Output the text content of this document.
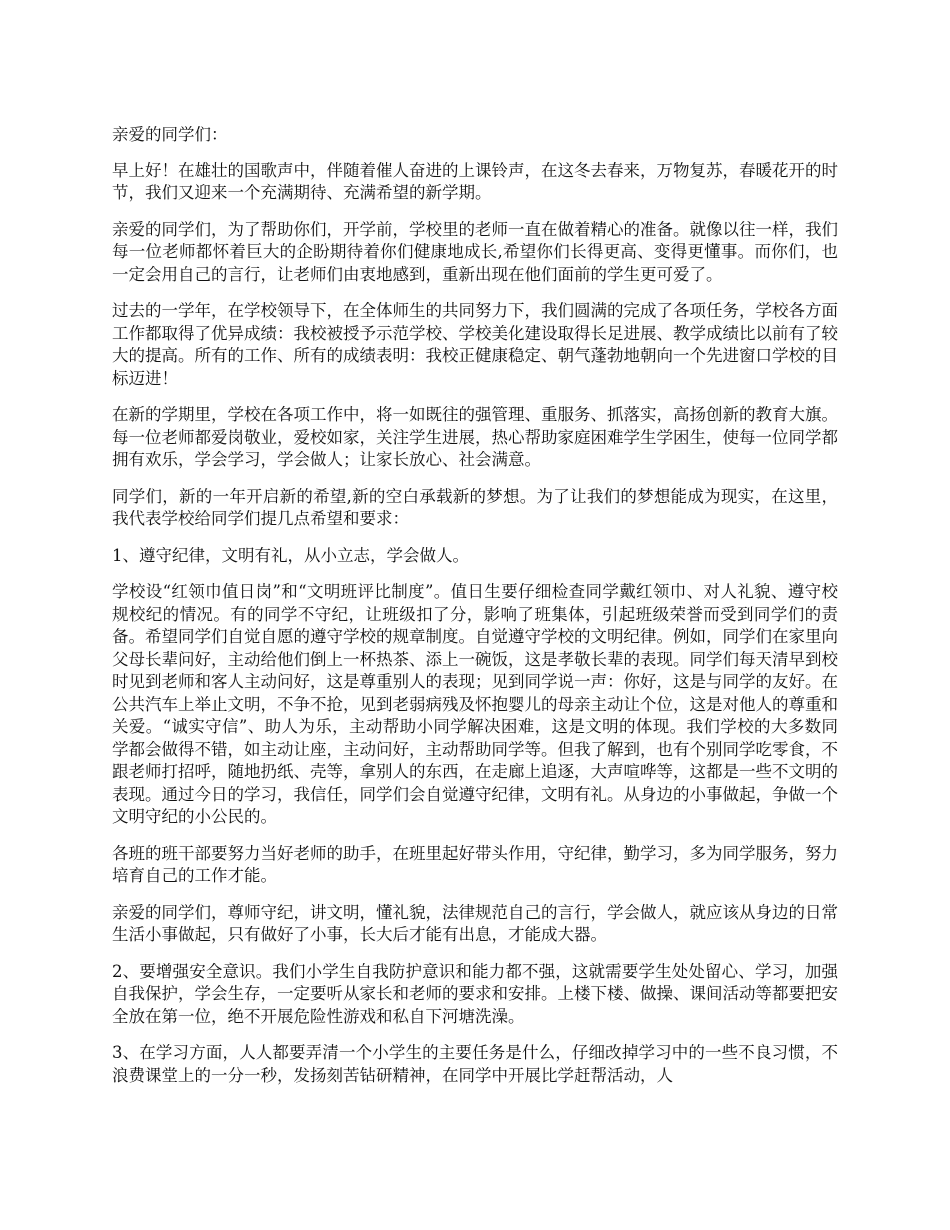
亲爱的同学们：

早上好！在雄壮的国歌声中，伴随着催人奋进的上课铃声，在这冬去春来，万物复苏，春暖花开的时节，我们又迎来一个充满期待、充满希望的新学期。

亲爱的同学们，为了帮助你们，开学前，学校里的老师一直在做着精心的准备。就像以往一样，我们每一位老师都怀着巨大的企盼期待着你们健康地成长,希望你们长得更高、变得更懂事。而你们，也一定会用自己的言行，让老师们由衷地感到，重新出现在他们面前的学生更可爱了。

过去的一学年，在学校领导下，在全体师生的共同努力下，我们圆满的完成了各项任务，学校各方面工作都取得了优异成绩：我校被授予示范学校、学校美化建设取得长足进展、教学成绩比以前有了较大的提高。所有的工作、所有的成绩表明：我校正健康稳定、朝气蓬勃地朝向一个先进窗口学校的目标迈进！

在新的学期里，学校在各项工作中，将一如既往的强管理、重服务、抓落实，高扬创新的教育大旗。每一位老师都爱岗敬业，爱校如家，关注学生进展，热心帮助家庭困难学生学困生，使每一位同学都拥有欢乐，学会学习，学会做人；让家长放心、社会满意。

同学们，新的一年开启新的希望,新的空白承载新的梦想。为了让我们的梦想能成为现实，在这里，我代表学校给同学们提几点希望和要求：

1、遵守纪律，文明有礼，从小立志，学会做人。

学校设“红领巾值日岗”和“文明班评比制度”。值日生要仔细检查同学戴红领巾、对人礼貌、遵守校规校纪的情况。有的同学不守纪，让班级扣了分，影响了班集体，引起班级荣誉而受到同学们的责备。希望同学们自觉自愿的遵守学校的规章制度。自觉遵守学校的文明纪律。例如，同学们在家里向父母长辈问好，主动给他们倒上一杯热茶、添上一碗饭，这是孝敬长辈的表现。同学们每天清早到校时见到老师和客人主动问好，这是尊重别人的表现；见到同学说一声：你好，这是与同学的友好。在公共汽车上举止文明，不争不抢，见到老弱病残及怀抱婴儿的母亲主动让个位，这是对他人的尊重和关爱。“诚实守信”、助人为乐，主动帮助小同学解决困难，这是文明的体现。我们学校的大多数同学都会做得不错，如主动让座，主动问好，主动帮助同学等。但我了解到，也有个别同学吃零食，不跟老师打招呼，随地扔纸、壳等，拿别人的东西，在走廊上追逐，大声喧哗等，这都是一些不文明的表现。通过今日的学习，我信任，同学们会自觉遵守纪律，文明有礼。从身边的小事做起，争做一个文明守纪的小公民的。

各班的班干部要努力当好老师的助手，在班里起好带头作用，守纪律，勤学习，多为同学服务，努力培育自己的工作才能。

亲爱的同学们，尊师守纪，讲文明，懂礼貌，法律规范自己的言行，学会做人，就应该从身边的日常生活小事做起，只有做好了小事，长大后才能有出息，才能成大器。

2、要增强安全意识。我们小学生自我防护意识和能力都不强，这就需要学生处处留心、学习，加强自我保护，学会生存，一定要听从家长和老师的要求和安排。上楼下楼、做操、课间活动等都要把安全放在第一位，绝不开展危险性游戏和私自下河塘洗澡。

3、在学习方面，人人都要弄清一个小学生的主要任务是什么，仔细改掉学习中的一些不良习惯，不浪费课堂上的一分一秒，发扬刻苦钻研精神，在同学中开展比学赶帮活动，人
